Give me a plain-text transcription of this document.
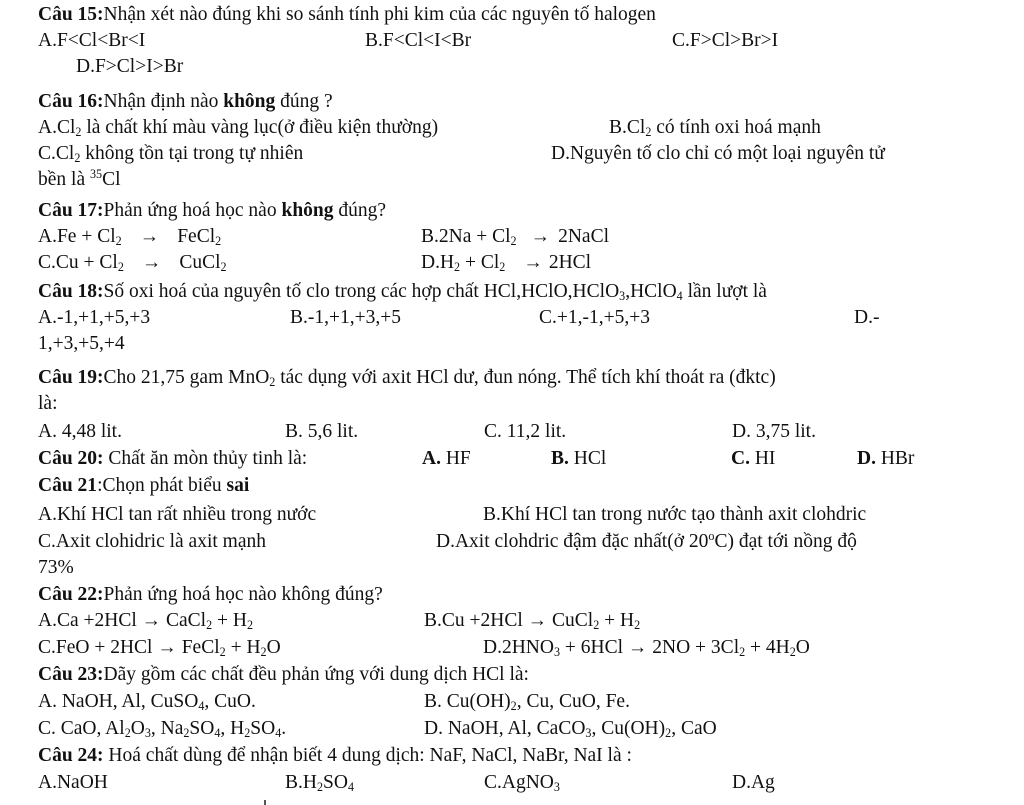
Câu 15:Nhận xét nào đúng khi so sánh tính phi kim của các nguyên tố halogen
A.F<Cl<Br<I	B.F<Cl<I<Br	C.F>Cl>Br>I
D.F>Cl>I>Br
Câu 16:Nhận định nào không đúng ?
$A.Cl_2$ là chất khí màu vàng lục(ở điều kiện thường)	$B.Cl_2$ có tính oxi hoá mạnh
$C.Cl_2$ không tồn tại trong tự nhiên	D.Nguyên tố clo chỉ có một loại nguyên tử
bền là $^{35}$Cl
Câu 17:Phản ứng hoá học nào không đúng?
$A.Fe + Cl_2$ → FeCl$_2$	$B.2Na + Cl_2$ → 2NaCl
$C.Cu + Cl_2$ → CuCl$_2$	$D.H_2 + Cl_2 \to 2HCl$
Câu 18:Số oxi hoá của nguyên tố clo trong các hợp chất HCl,HClO,HClO$_3$,HClO$_4$ lần lượt là
A.-1,+1,+5,+3	B.-1,+1,+3,+5	C.+1,-1,+5,+3	D.-
1,+3,+5,+4
Câu 19:Cho 21,75 gam MnO$_2$ tác dụng với axit HCl dư, đun nóng. Thể tích khí thoát ra (đktc)
là:
A. 4,48 lit.	B. 5,6 lit.	C. 11,2 lit.	D. 3,75 lit.
Câu 20: Chất ăn mòn thủy tinh là:	A. HF	B. HCl	C. HI	D. HBr
Câu 21:Chọn phát biểu sai
A.Khí HCl tan rất nhiều trong nước	B.Khí HCl tan trong nước tạo thành axit clohdric
C.Axit clohidric là axit mạnh	D.Axit clohdric đậm đặc nhất(ở 20$^o$C) đạt tới nồng độ
73%
Câu 22:Phản ứng hoá học nào không đúng?
A.Ca +2HCl → CaCl$_2$ + $H_2$	B.Cu +2HCl → CuCl$_2$ + $H_2$
C.FeO + 2HCl → FeCl$_2$ + $H_2O$	$D.2HNO_3 + 6HCl \to 2NO + 3Cl_2 + 4H_2O$
Câu 23:Dãy gồm các chất đều phản ứng với dung dịch HCl là:
A. NaOH, Al, CuSO$_4$, CuO.	B. $Cu(OH)_2$, Cu, CuO, Fe.
C. CaO, $Al_2O_3$, $Na_2SO_4$, $H_2SO_4$.	D. NaOH, Al, CaCO$_3$, $Cu(OH)_2$, CaO
Câu 24: Hoá chất dùng để nhận biết 4 dung dịch: NaF, NaCl, NaBr, NaI là :
A.NaOH	$B.H_2SO_4$	C.AgNO$_3$	D.Ag
